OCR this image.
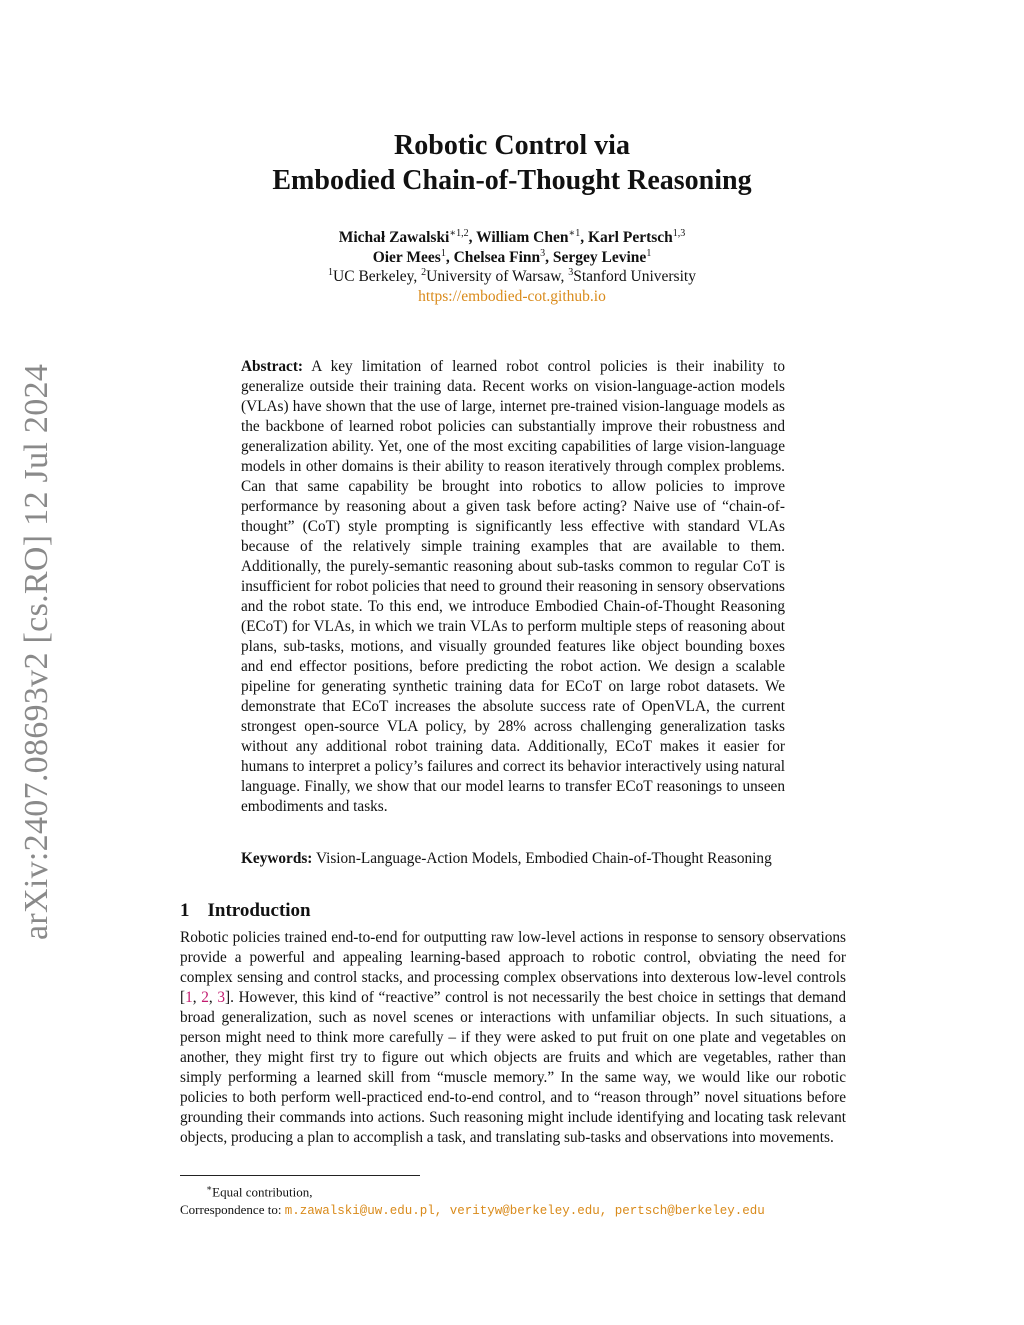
arXiv:2407.08693v2 [cs.RO] 12 Jul 2024
Robotic Control via
Embodied Chain-of-Thought Reasoning
Michał Zawalski$^{∗1,2}$, William Chen$^{∗1}$, Karl Pertsch$^{1,3}$
Oier Mees$^1$, Chelsea Finn$^3$, Sergey Levine$^1$
$^1$UC Berkeley, $^2$University of Warsaw, $^3$Stanford University
https://embodied-cot.github.io
Abstract: A key limitation of learned robot control policies is their inability to generalize outside their training data. Recent works on vision-language-action models (VLAs) have shown that the use of large, internet pre-trained vision-language models as the backbone of learned robot policies can substantially improve their robustness and generalization ability. Yet, one of the most exciting capabilities of large vision-language models in other domains is their ability to reason iteratively through complex problems. Can that same capability be brought into robotics to allow policies to improve performance by reasoning about a given task before acting? Naive use of “chain-of-thought” (CoT) style prompting is significantly less effective with standard VLAs because of the relatively simple training examples that are available to them. Additionally, the purely-semantic reasoning about sub-tasks common to regular CoT is insufficient for robot policies that need to ground their reasoning in sensory observations and the robot state. To this end, we introduce Embodied Chain-of-Thought Reasoning (ECoT) for VLAs, in which we train VLAs to perform multiple steps of reasoning about plans, sub-tasks, motions, and visually grounded features like object bounding boxes and end effector positions, before predicting the robot action. We design a scalable pipeline for generating synthetic training data for ECoT on large robot datasets. We demonstrate that ECoT increases the absolute success rate of OpenVLA, the current strongest open-source VLA policy, by 28% across challenging generalization tasks without any additional robot training data. Additionally, ECoT makes it easier for humans to interpret a policy’s failures and correct its behavior interactively using natural language. Finally, we show that our model learns to transfer ECoT reasonings to unseen embodiments and tasks.
Keywords: Vision-Language-Action Models, Embodied Chain-of-Thought Reasoning
1 Introduction
Robotic policies trained end-to-end for outputting raw low-level actions in response to sensory observations provide a powerful and appealing learning-based approach to robotic control, obviating the need for complex sensing and control stacks, and processing complex observations into dexterous low-level controls [1, 2, 3]. However, this kind of “reactive” control is not necessarily the best choice in settings that demand broad generalization, such as novel scenes or interactions with unfamiliar objects. In such situations, a person might need to think more carefully – if they were asked to put fruit on one plate and vegetables on another, they might first try to figure out which objects are fruits and which are vegetables, rather than simply performing a learned skill from “muscle memory.” In the same way, we would like our robotic policies to both perform well-practiced end-to-end control, and to “reason through” novel situations before grounding their commands into actions. Such reasoning might include identifying and locating task relevant objects, producing a plan to accomplish a task, and translating sub-tasks and observations into movements.
∗Equal contribution,
Correspondence to: m.zawalski@uw.edu.pl, verityw@berkeley.edu, pertsch@berkeley.edu
